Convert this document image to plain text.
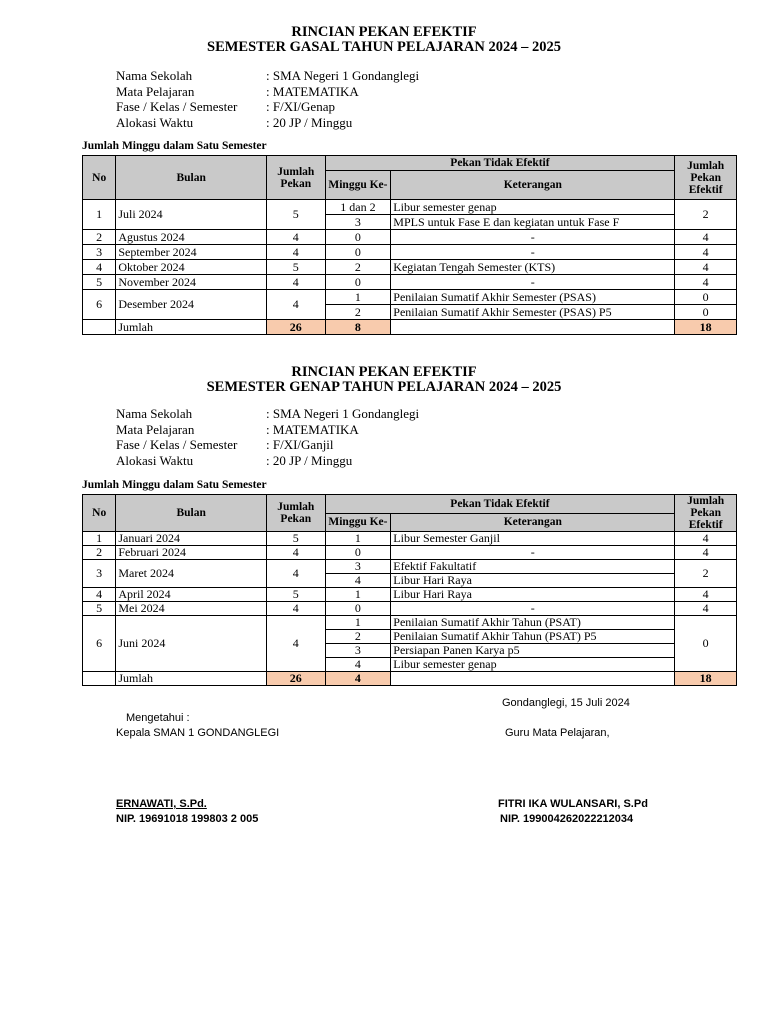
RINCIAN PEKAN EFEKTIF
SEMESTER GASAL TAHUN PELAJARAN 2024 – 2025
Nama Sekolah	: SMA Negeri 1 Gondanglegi
Mata Pelajaran	: MATEMATIKA
Fase / Kelas / Semester	: F/XI/Genap
Alokasi Waktu	: 20 JP / Minggu
Jumlah Minggu dalam Satu Semester
No	Bulan	Jumlah Pekan	Pekan Tidak Efektif		Jumlah Pekan Efektif
			Minggu Ke-	Keterangan	
1	Juli 2024	5	1 dan 2	Libur semester genap	2
			3	MPLS untuk Fase E dan kegiatan untuk Fase F	
2	Agustus 2024	4	0	-	4
3	September 2024	4	0	-	4
4	Oktober 2024	5	2	Kegiatan Tengah Semester (KTS)	4
5	November 2024	4	0	-	4
6	Desember 2024	4	1	Penilaian Sumatif Akhir Semester (PSAS)	0
			2	Penilaian Sumatif Akhir Semester (PSAS) P5	0
	Jumlah	26	8		18
RINCIAN PEKAN EFEKTIF
SEMESTER GENAP TAHUN PELAJARAN 2024 – 2025
Nama Sekolah	: SMA Negeri 1 Gondanglegi
Mata Pelajaran	: MATEMATIKA
Fase / Kelas / Semester	: F/XI/Ganjil
Alokasi Waktu	: 20 JP / Minggu
Jumlah Minggu dalam Satu Semester
No	Bulan	Jumlah Pekan	Pekan Tidak Efektif		Jumlah Pekan Efektif
			Minggu Ke-	Keterangan	
1	Januari 2024	5	1	Libur Semester Ganjil	4
2	Februari 2024	4	0	-	4
3	Maret 2024	4	3	Efektif Fakultatif	2
			4	Libur Hari Raya	
4	April 2024	5	1	Libur Hari Raya	4
5	Mei 2024	4	0	-	4
6	Juni 2024	4	1	Penilaian Sumatif Akhir Tahun (PSAT)	0
			2	Penilaian Sumatif Akhir Tahun (PSAT) P5	
			3	Persiapan Panen Karya p5	
			4	Libur semester genap	
	Jumlah	26	4		18
Gondanglegi, 15 Juli 2024
Mengetahui :
Kepala SMAN 1 GONDANGLEGI	Guru Mata Pelajaran,
ERNAWATI, S.Pd.
NIP. 19691018 199803 2 005
FITRI IKA WULANSARI, S.Pd
NIP. 199004262022212034
